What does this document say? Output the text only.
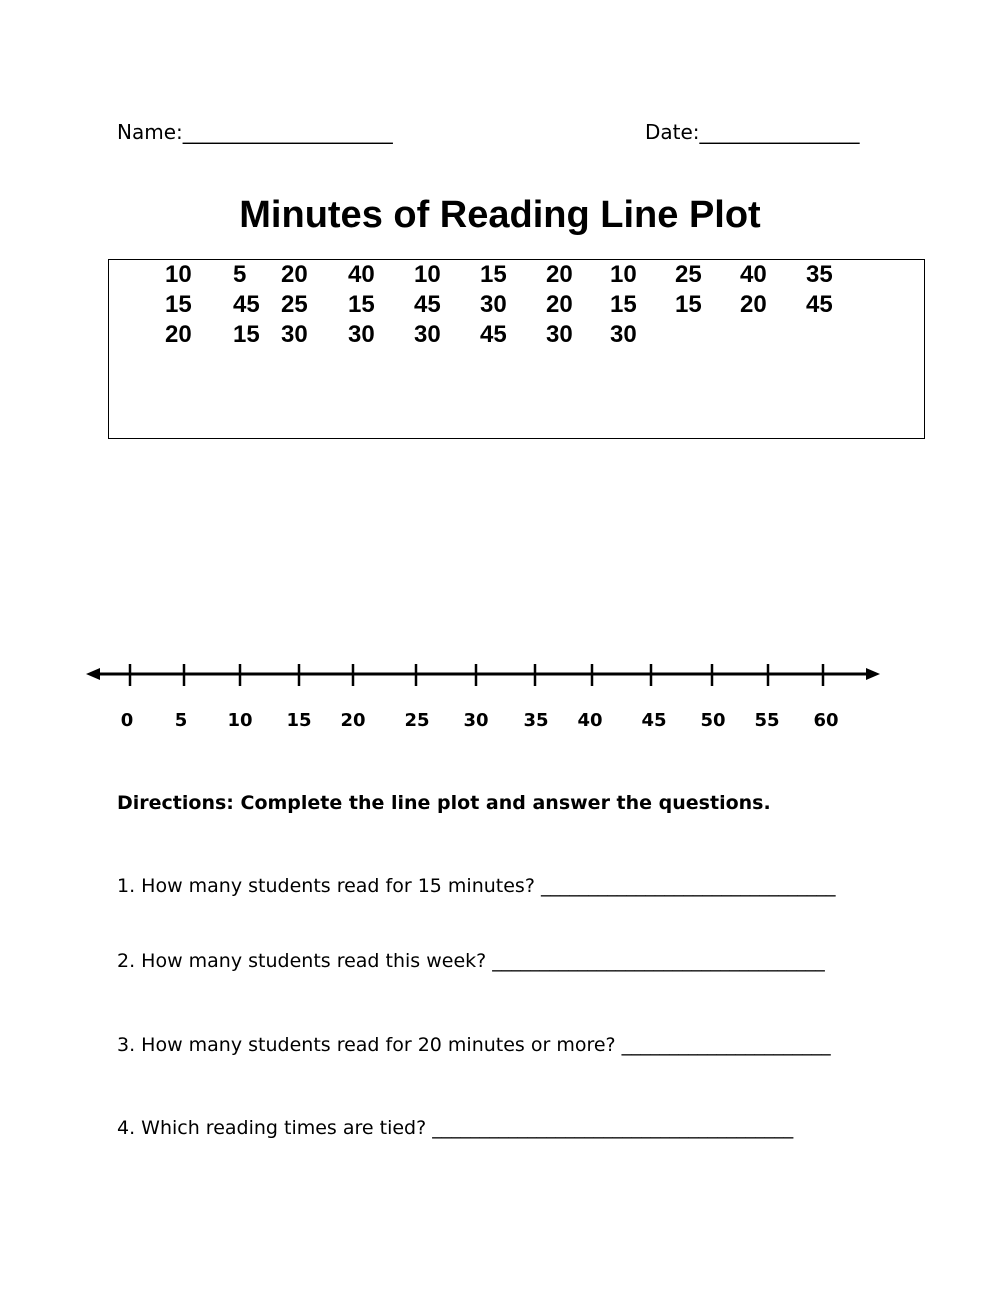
Name:_____________________	Date:________________
Minutes of Reading Line Plot
10 5 20 40 10 15 20 10 25 40 35
15 45 25 15 45 30 20 15 15 20 45
20 15 30 30 30 45 30 30
0 5 10 15 20 25 30 35 40 45 50 55 60
Directions: Complete the line plot and answer the questions.
1. How many students read for 15 minutes? _______________________________
2. How many students read this week? ___________________________________
3. How many students read for 20 minutes or more? ______________________
4. Which reading times are tied? ______________________________________
